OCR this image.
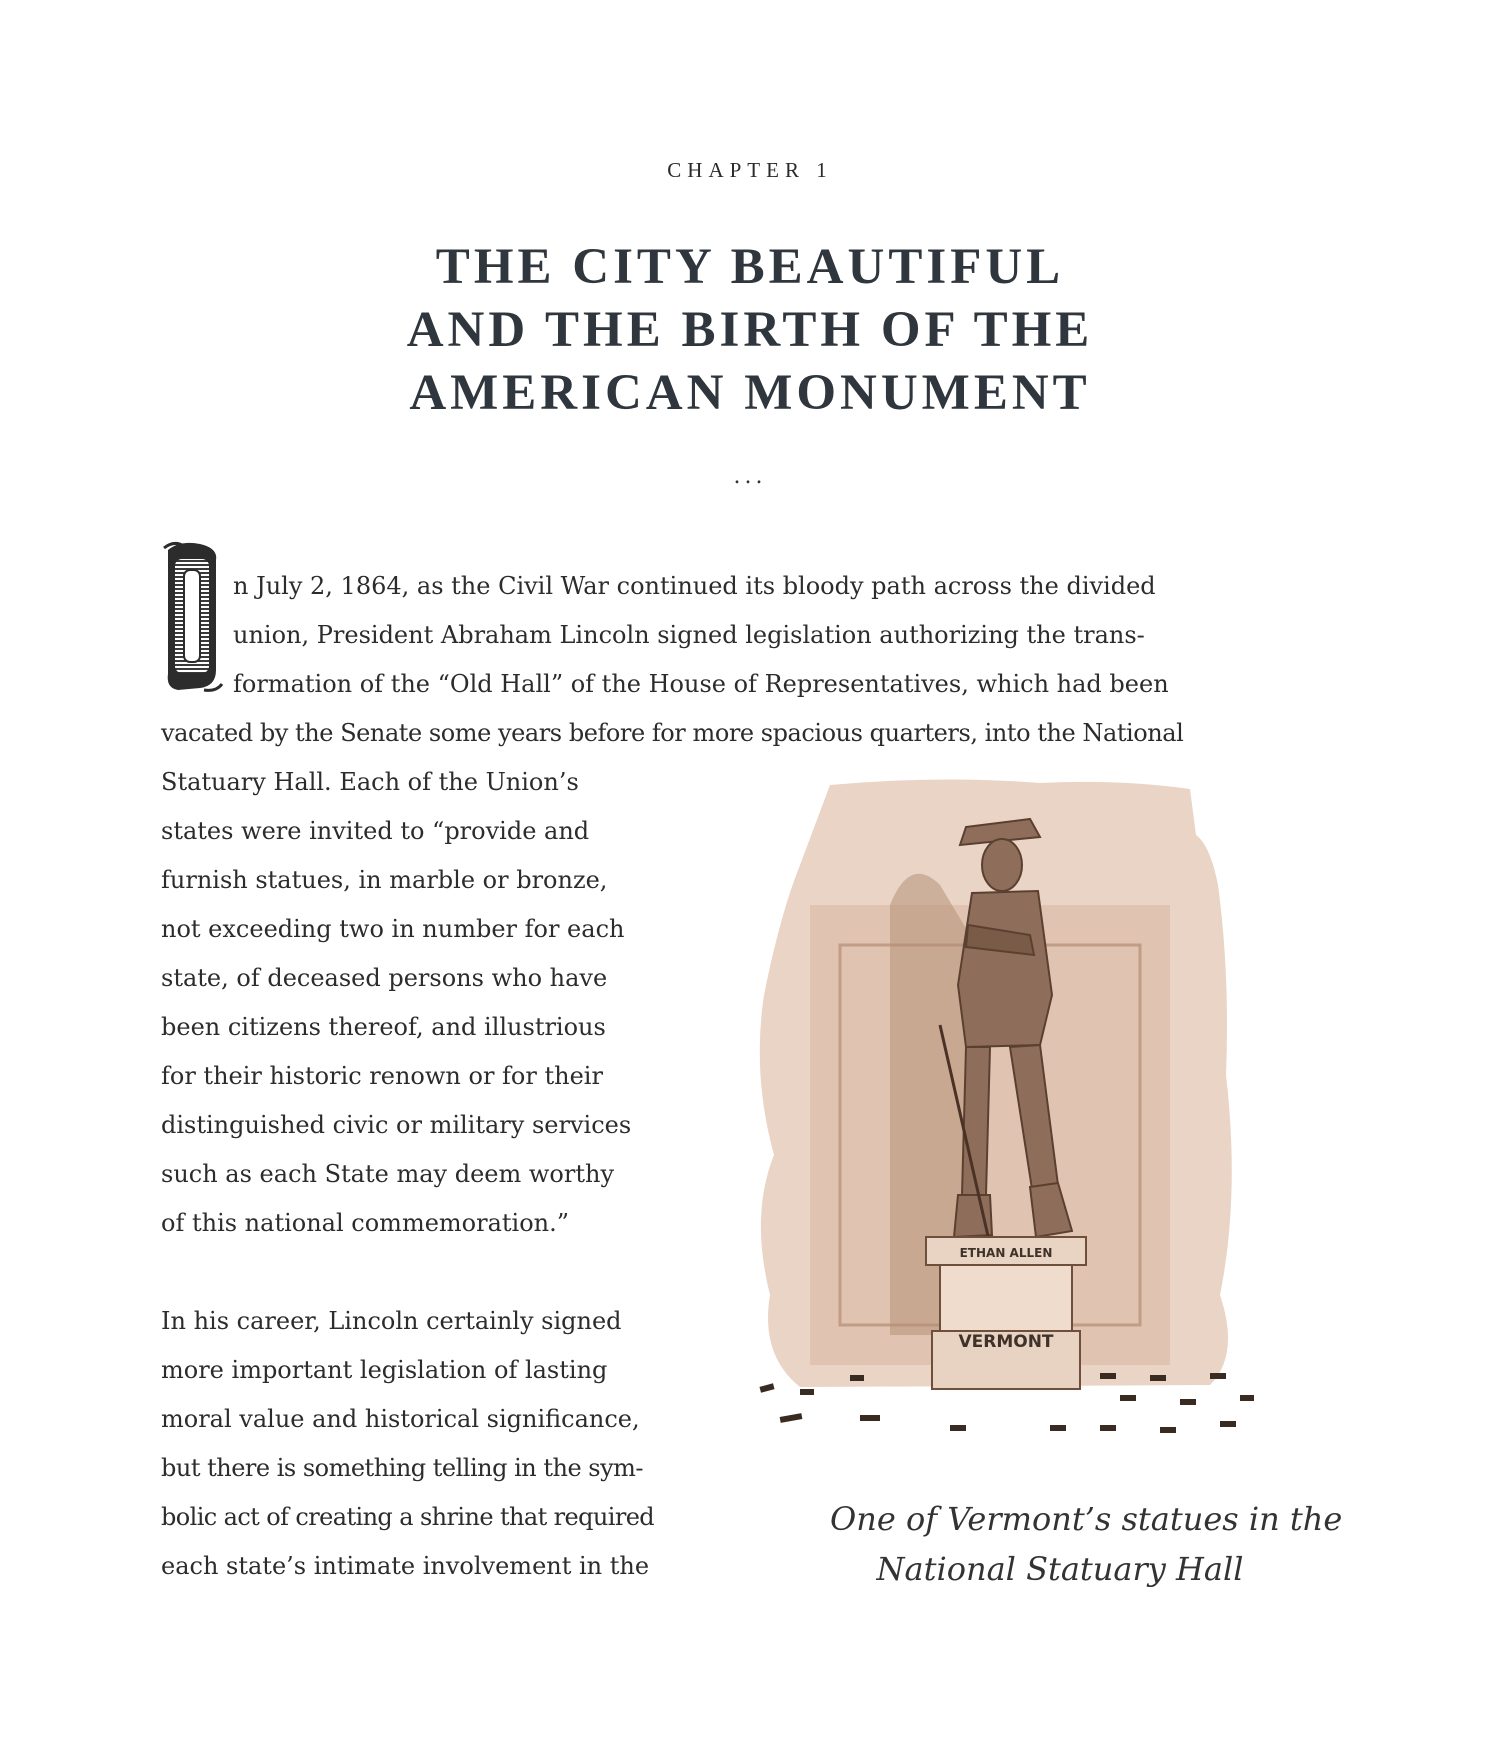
CHAPTER 1
THE CITY BEAUTIFUL
AND THE BIRTH OF THE
AMERICAN MONUMENT
...
O
n July 2, 1864, as the Civil War continued its bloody path across the divided
union, President Abraham Lincoln signed legislation authorizing the trans-
formation of the “Old Hall” of the House of Representatives, which had been
vacated by the Senate some years before for more spacious quarters, into the National
Statuary Hall. Each of the Union’s
states were invited to “provide and
furnish statues, in marble or bronze,
not exceeding two in number for each
state, of deceased persons who have
been citizens thereof, and illustrious
for their historic renown or for their
distinguished civic or military services
such as each State may deem worthy
of this national commemoration.”
In his career, Lincoln certainly signed
more important legislation of lasting
moral value and historical significance,
but there is something telling in the sym-
bolic act of creating a shrine that required
each state’s intimate involvement in the
ETHAN ALLEN
VERMONT
One of Vermont’s statues in the
National Statuary Hall
